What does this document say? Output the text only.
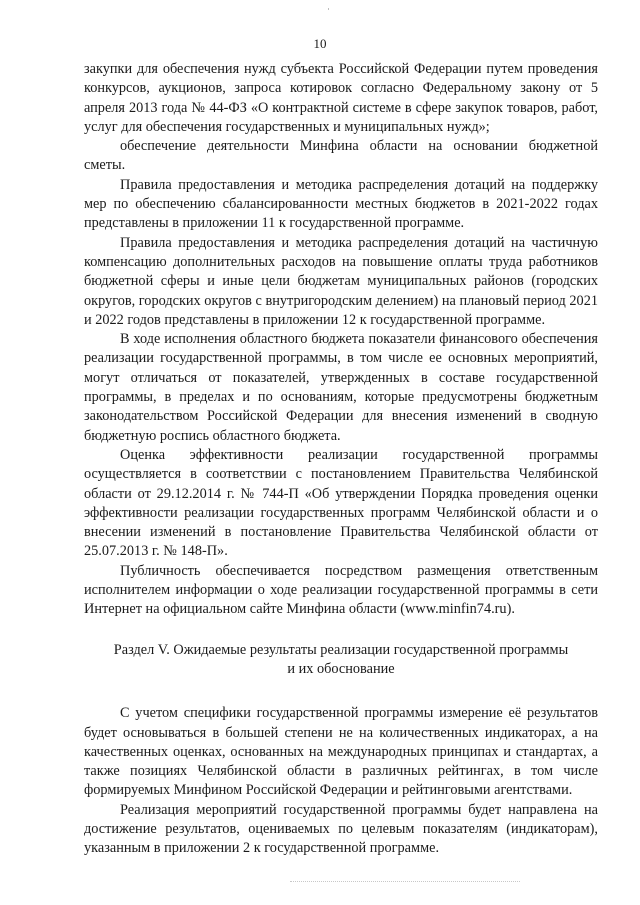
10

закупки для обеспечения нужд субъекта Российской Федерации путем проведения конкурсов, аукционов, запроса котировок согласно Федеральному закону от 5 апреля 2013 года № 44-ФЗ «О контрактной системе в сфере закупок товаров, работ, услуг для обеспечения государственных и муниципальных нужд»;

обеспечение деятельности Минфина области на основании бюджетной сметы.

Правила предоставления и методика распределения дотаций на поддержку мер по обеспечению сбалансированности местных бюджетов в 2021-2022 годах представлены в приложении 11 к государственной программе.

Правила предоставления и методика распределения дотаций на частичную компенсацию дополнительных расходов на повышение оплаты труда работников бюджетной сферы и иные цели бюджетам муниципальных районов (городских округов, городских округов с внутригородским делением) на плановый период 2021 и 2022 годов представлены в приложении 12 к государственной программе.

В ходе исполнения областного бюджета показатели финансового обеспечения реализации государственной программы, в том числе ее основных мероприятий, могут отличаться от показателей, утвержденных в составе государственной программы, в пределах и по основаниям, которые предусмотрены бюджетным законодательством Российской Федерации для внесения изменений в сводную бюджетную роспись областного бюджета.

Оценка эффективности реализации государственной программы осуществляется в соответствии с постановлением Правительства Челябинской области от 29.12.2014 г. № 744-П «Об утверждении Порядка проведения оценки эффективности реализации государственных программ Челябинской области и о внесении изменений в постановление Правительства Челябинской области от 25.07.2013 г. № 148-П».

Публичность обеспечивается посредством размещения ответственным исполнителем информации о ходе реализации государственной программы в сети Интернет на официальном сайте Минфина области (www.minfin74.ru).

Раздел V. Ожидаемые результаты реализации государственной программы
и их обоснование

С учетом специфики государственной программы измерение её результатов будет основываться в большей степени не на количественных индикаторах, а на качественных оценках, основанных на международных принципах и стандартах, а также позициях Челябинской области в различных рейтингах, в том числе формируемых Минфином Российской Федерации и рейтинговыми агентствами.

Реализация мероприятий государственной программы будет направлена на достижение результатов, оцениваемых по целевым показателям (индикаторам), указанным в приложении 2 к государственной программе.
